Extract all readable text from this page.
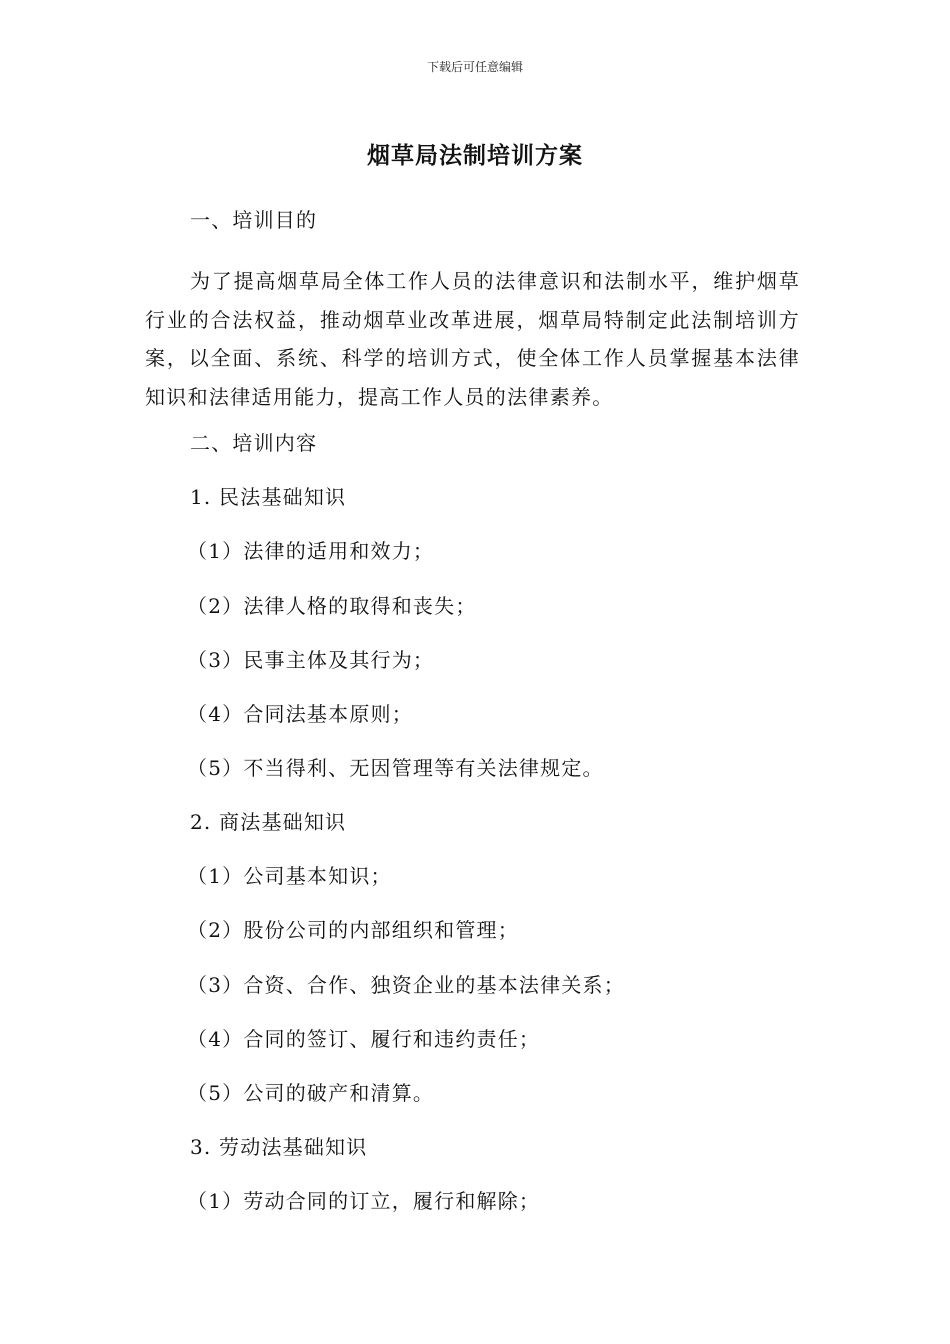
下载后可任意编辑
烟草局法制培训方案
一、培训目的
为了提高烟草局全体工作人员的法律意识和法制水平，维护烟草行业的合法权益，推动烟草业改革进展，烟草局特制定此法制培训方案，以全面、系统、科学的培训方式，使全体工作人员掌握基本法律知识和法律适用能力，提高工作人员的法律素养。
二、培训内容
1. 民法基础知识
（1）法律的适用和效力；
（2）法律人格的取得和丧失；
（3）民事主体及其行为；
（4）合同法基本原则；
（5）不当得利、无因管理等有关法律规定。
2. 商法基础知识
（1）公司基本知识；
（2）股份公司的内部组织和管理；
（3）合资、合作、独资企业的基本法律关系；
（4）合同的签订、履行和违约责任；
（5）公司的破产和清算。
3. 劳动法基础知识
（1）劳动合同的订立，履行和解除；
